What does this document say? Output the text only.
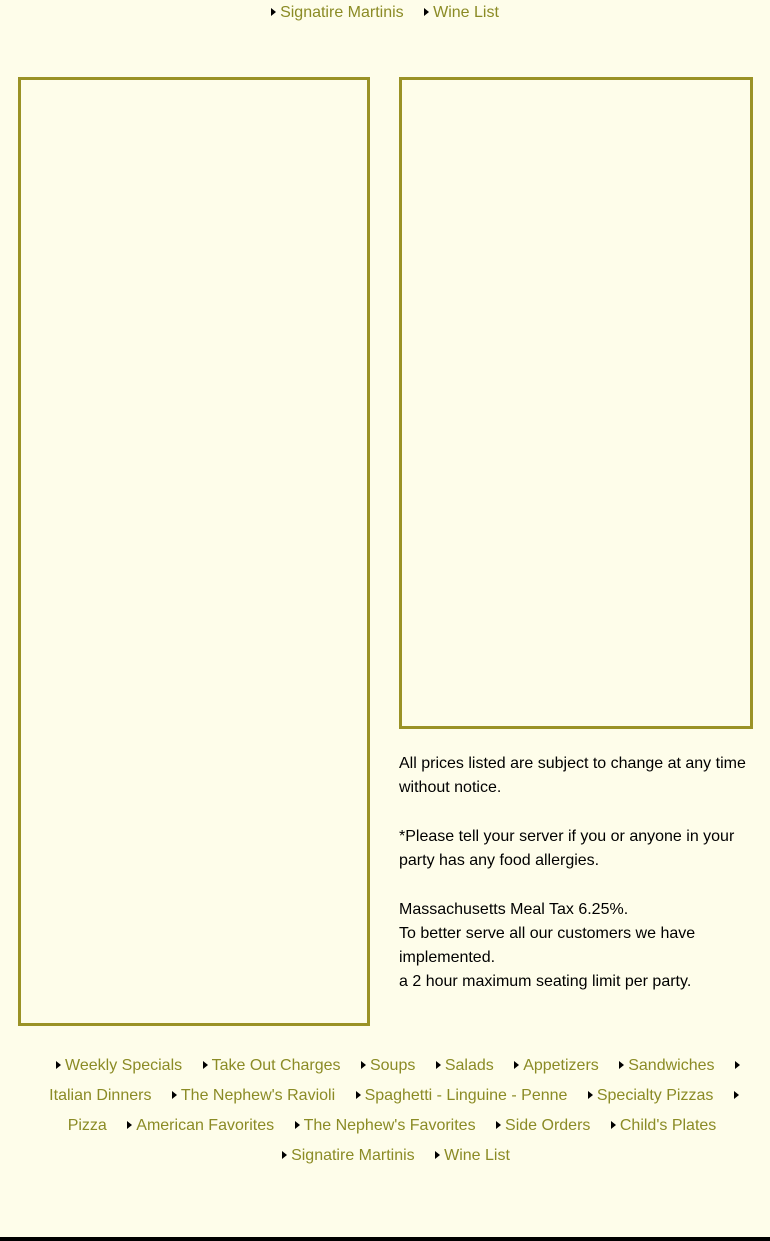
Signatire Martinis Wine List

All prices listed are subject to change at any time without notice.

*Please tell your server if you or anyone in your party has any food allergies.

Massachusetts Meal Tax 6.25%.

To better serve all our customers we have implemented.

a 2 hour maximum seating limit per party.

Weekly Specials Take Out Charges Soups Salads Appetizers Sandwiches Italian Dinners The Nephew's Ravioli Spaghetti - Linguine - Penne Specialty Pizzas Pizza American Favorites The Nephew's Favorites Side Orders Child's Plates
Signatire Martinis Wine List
